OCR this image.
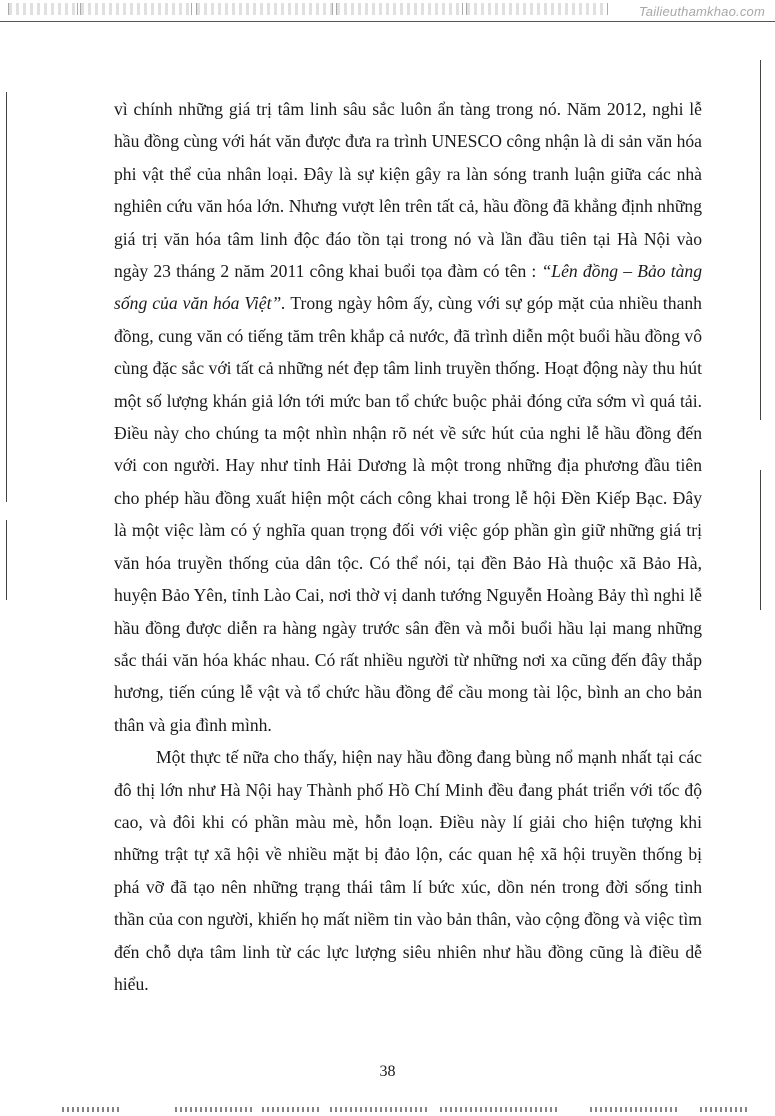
Tailieuthamkhao.com

vì chính những giá trị tâm linh sâu sắc luôn ẩn tàng trong nó. Năm 2012, nghi lễ hầu đồng cùng với hát văn được đưa ra trình UNESCO công nhận là di sản văn hóa phi vật thể của nhân loại. Đây là sự kiện gây ra làn sóng tranh luận giữa các nhà nghiên cứu văn hóa lớn. Nhưng vượt lên trên tất cả, hầu đồng đã khẳng định những giá trị văn hóa tâm linh độc đáo tồn tại trong nó và lần đầu tiên tại Hà Nội vào ngày 23 tháng 2 năm 2011 công khai buổi tọa đàm có tên : “Lên đồng – Bảo tàng sống của văn hóa Việt”. Trong ngày hôm ấy, cùng với sự góp mặt của nhiều thanh đồng, cung văn có tiếng tăm trên khắp cả nước, đã trình diễn một buổi hầu đồng vô cùng đặc sắc với tất cả những nét đẹp tâm linh truyền thống. Hoạt động này thu hút một số lượng khán giả lớn tới mức ban tổ chức buộc phải đóng cửa sớm vì quá tải. Điều này cho chúng ta một nhìn nhận rõ nét về sức hút của nghi lễ hầu đồng đến với con người. Hay như tỉnh Hải Dương là một trong những địa phương đầu tiên cho phép hầu đồng xuất hiện một cách công khai trong lễ hội Đền Kiếp Bạc. Đây là một việc làm có ý nghĩa quan trọng đối với việc góp phần gìn giữ những giá trị văn hóa truyền thống của dân tộc. Có thể nói, tại đền Bảo Hà thuộc xã Bảo Hà, huyện Bảo Yên, tỉnh Lào Cai, nơi thờ vị danh tướng Nguyễn Hoàng Bảy thì nghi lễ hầu đồng được diễn ra hàng ngày trước sân đền và mỗi buổi hầu lại mang những sắc thái văn hóa khác nhau. Có rất nhiều người từ những nơi xa cũng đến đây thắp hương, tiến cúng lễ vật và tổ chức hầu đồng để cầu mong tài lộc, bình an cho bản thân và gia đình mình.

Một thực tế nữa cho thấy, hiện nay hầu đồng đang bùng nổ mạnh nhất tại các đô thị lớn như Hà Nội hay Thành phố Hồ Chí Minh đều đang phát triển với tốc độ cao, và đôi khi có phần màu mè, hỗn loạn. Điều này lí giải cho hiện tượng khi những trật tự xã hội về nhiều mặt bị đảo lộn, các quan hệ xã hội truyền thống bị phá vỡ đã tạo nên những trạng thái tâm lí bức xúc, dồn nén trong đời sống tinh thần của con người, khiến họ mất niềm tin vào bản thân, vào cộng đồng và việc tìm đến chỗ dựa tâm linh từ các lực lượng siêu nhiên như hầu đồng cũng là điều dễ hiểu.

38
